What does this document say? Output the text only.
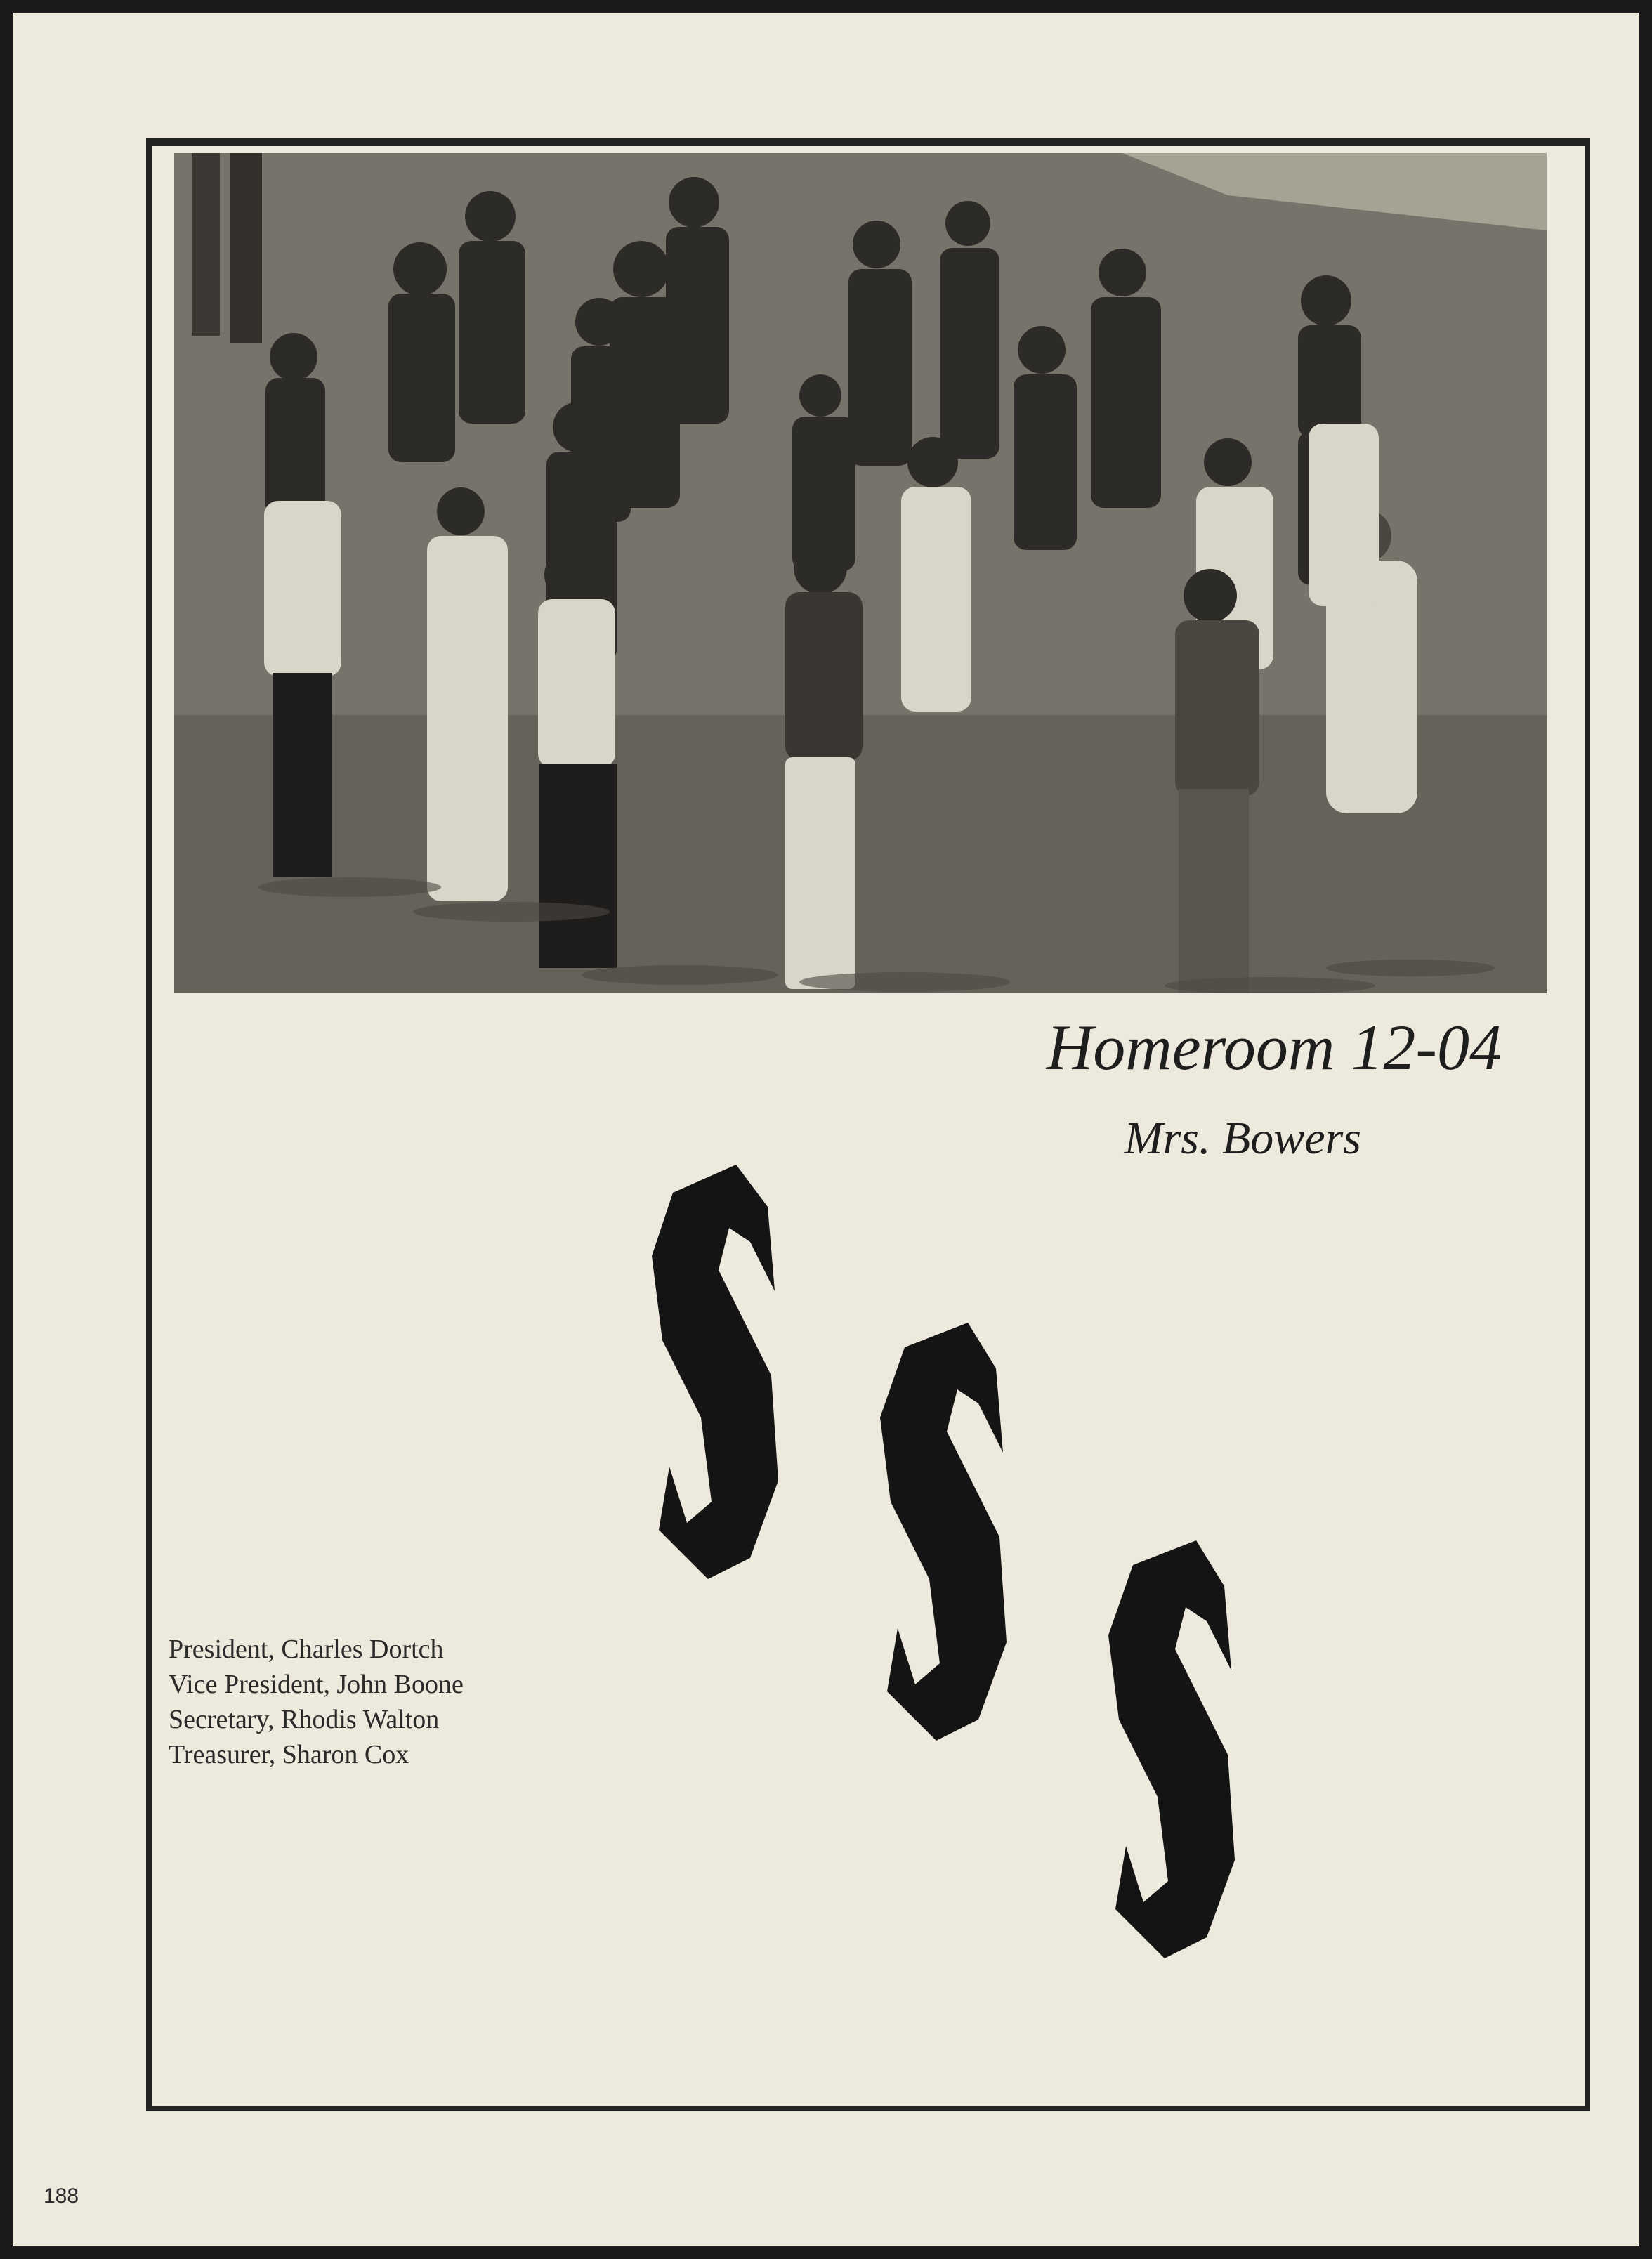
Homeroom 12-04
Mrs. Bowers
President, Charles Dortch
Vice President, John Boone
Secretary, Rhodis Walton
Treasurer, Sharon Cox
188
